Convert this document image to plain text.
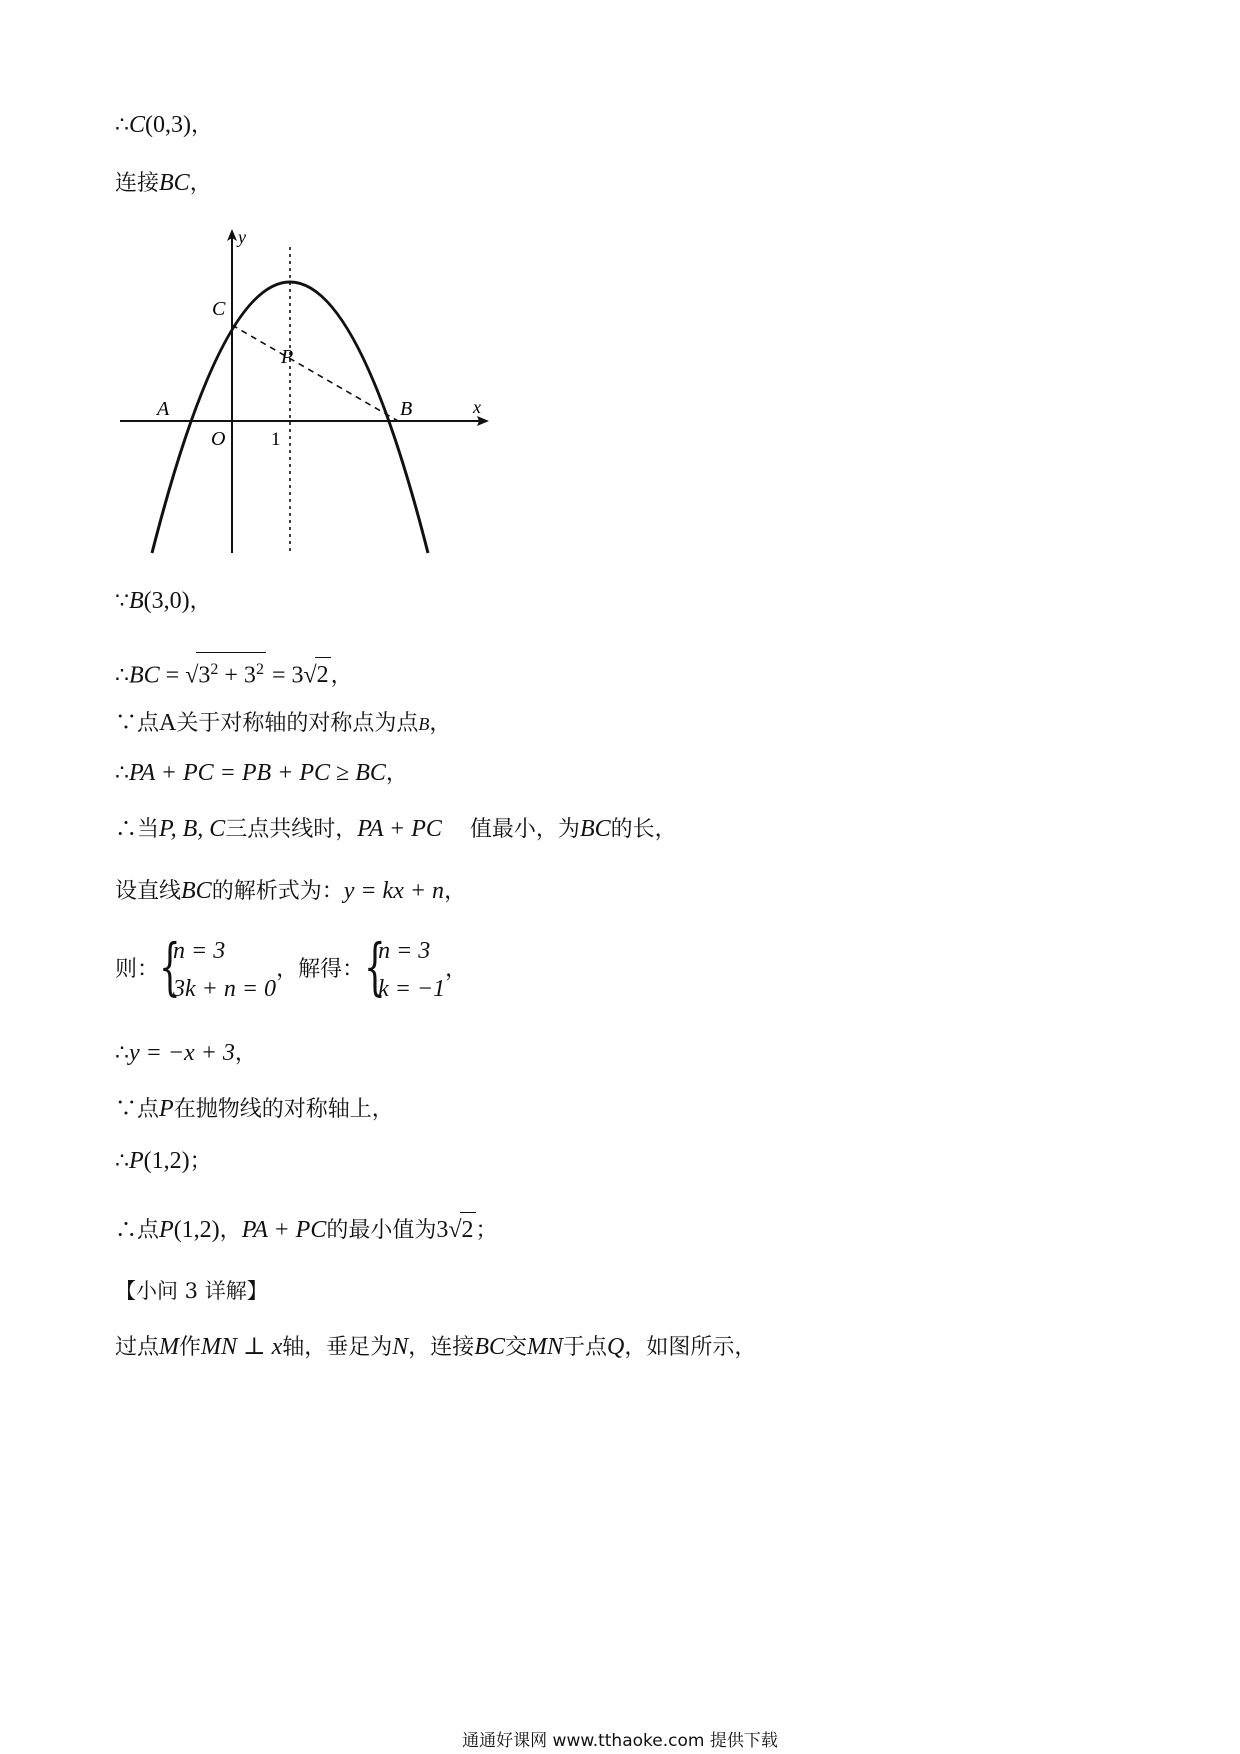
∴C(0,3)，
连接BC，
y
x
C
P
A	B
O 1
∵B(3,0)，
∴BC = $√3^2 + 3^2 = 3√2$，
∵点A关于对称轴的对称点为点B，
∴PA + PC = PB + PC ≥ BC，
∴当P, B, C三点共线时，PA + PC 值最小，为BC的长，
设直线BC的解析式为：y = kx + n，
则： {
n = 3
3k + n = 0
，解得： {
n = 3
k = −1
，
∴y = −x + 3，
∵点P在抛物线的对称轴上，
∴P(1,2)；
∴点P(1,2)，PA + PC的最小值为3√2；
【小问 3 详解】
过点M作MN ⊥ x轴，垂足为N，连接BC交MN于点Q，如图所示，
通通好课网 www.tthaoke.com 提供下载
